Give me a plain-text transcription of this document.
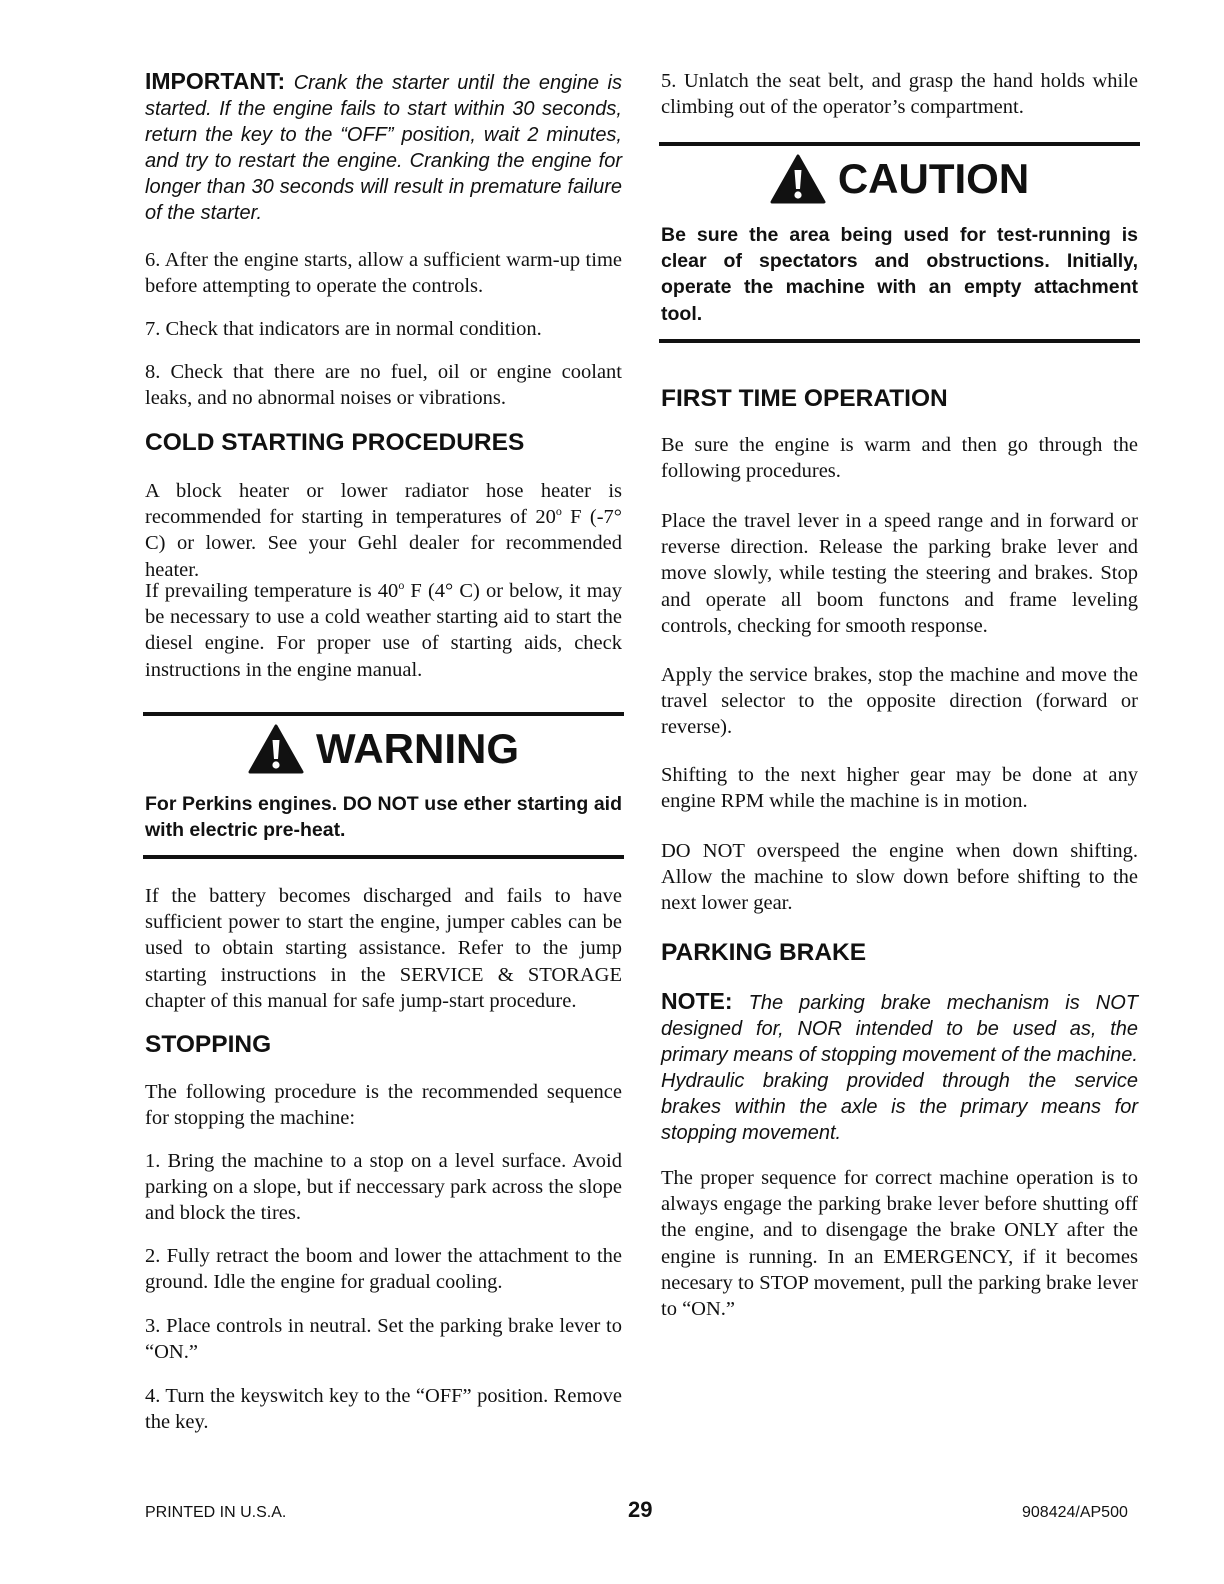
IMPORTANT: Crank the starter until the engine is started. If the engine fails to start within 30 seconds, return the key to the “OFF” position, wait 2 minutes, and try to restart the engine. Cranking the engine for longer than 30 seconds will result in premature failure of the starter.

6. After the engine starts, allow a sufficient warm-up time before attempting to operate the controls.

7. Check that indicators are in normal condition.

8. Check that there are no fuel, oil or engine coolant leaks, and no abnormal noises or vibrations.

COLD STARTING PROCEDURES

A block heater or lower radiator hose heater is recommended for starting in temperatures of 20$^o$ F (-7° C) or lower. See your Gehl dealer for recommended heater.

If prevailing temperature is 40$^o$ F (4° C) or below, it may be necessary to use a cold weather starting aid to start the diesel engine. For proper use of starting aids, check instructions in the engine manual.

WARNING

For Perkins engines. DO NOT use ether starting aid with electric pre-heat.

If the battery becomes discharged and fails to have sufficient power to start the engine, jumper cables can be used to obtain starting assistance. Refer to the jump starting instructions in the SERVICE & STORAGE chapter of this manual for safe jump-start procedure.

STOPPING

The following procedure is the recommended sequence for stopping the machine:

1. Bring the machine to a stop on a level surface. Avoid parking on a slope, but if neccessary park across the slope and block the tires.

2. Fully retract the boom and lower the attachment to the ground. Idle the engine for gradual cooling.

3. Place controls in neutral. Set the parking brake lever to “ON.”

4. Turn the keyswitch key to the “OFF” position. Remove the key.

5. Unlatch the seat belt, and grasp the hand holds while climbing out of the operator’s compartment.

CAUTION

Be sure the area being used for test-running is clear of spectators and obstructions. Initially, operate the machine with an empty attachment tool.

FIRST TIME OPERATION

Be sure the engine is warm and then go through the following procedures.

Place the travel lever in a speed range and in forward or reverse direction. Release the parking brake lever and move slowly, while testing the steering and brakes. Stop and operate all boom functons and frame leveling controls, checking for smooth response.

Apply the service brakes, stop the machine and move the travel selector to the opposite direction (forward or reverse).

Shifting to the next higher gear may be done at any engine RPM while the machine is in motion.

DO NOT overspeed the engine when down shifting. Allow the machine to slow down before shifting to the next lower gear.

PARKING BRAKE

NOTE: The parking brake mechanism is NOT designed for, NOR intended to be used as, the primary means of stopping movement of the machine. Hydraulic braking provided through the service brakes within the axle is the primary means for stopping movement.

The proper sequence for correct machine operation is to always engage the parking brake lever before shutting off the engine, and to disengage the brake ONLY after the engine is running. In an EMERGENCY, if it becomes necesary to STOP movement, pull the parking brake lever to “ON.”

PRINTED IN U.S.A.	29	908424/AP500
